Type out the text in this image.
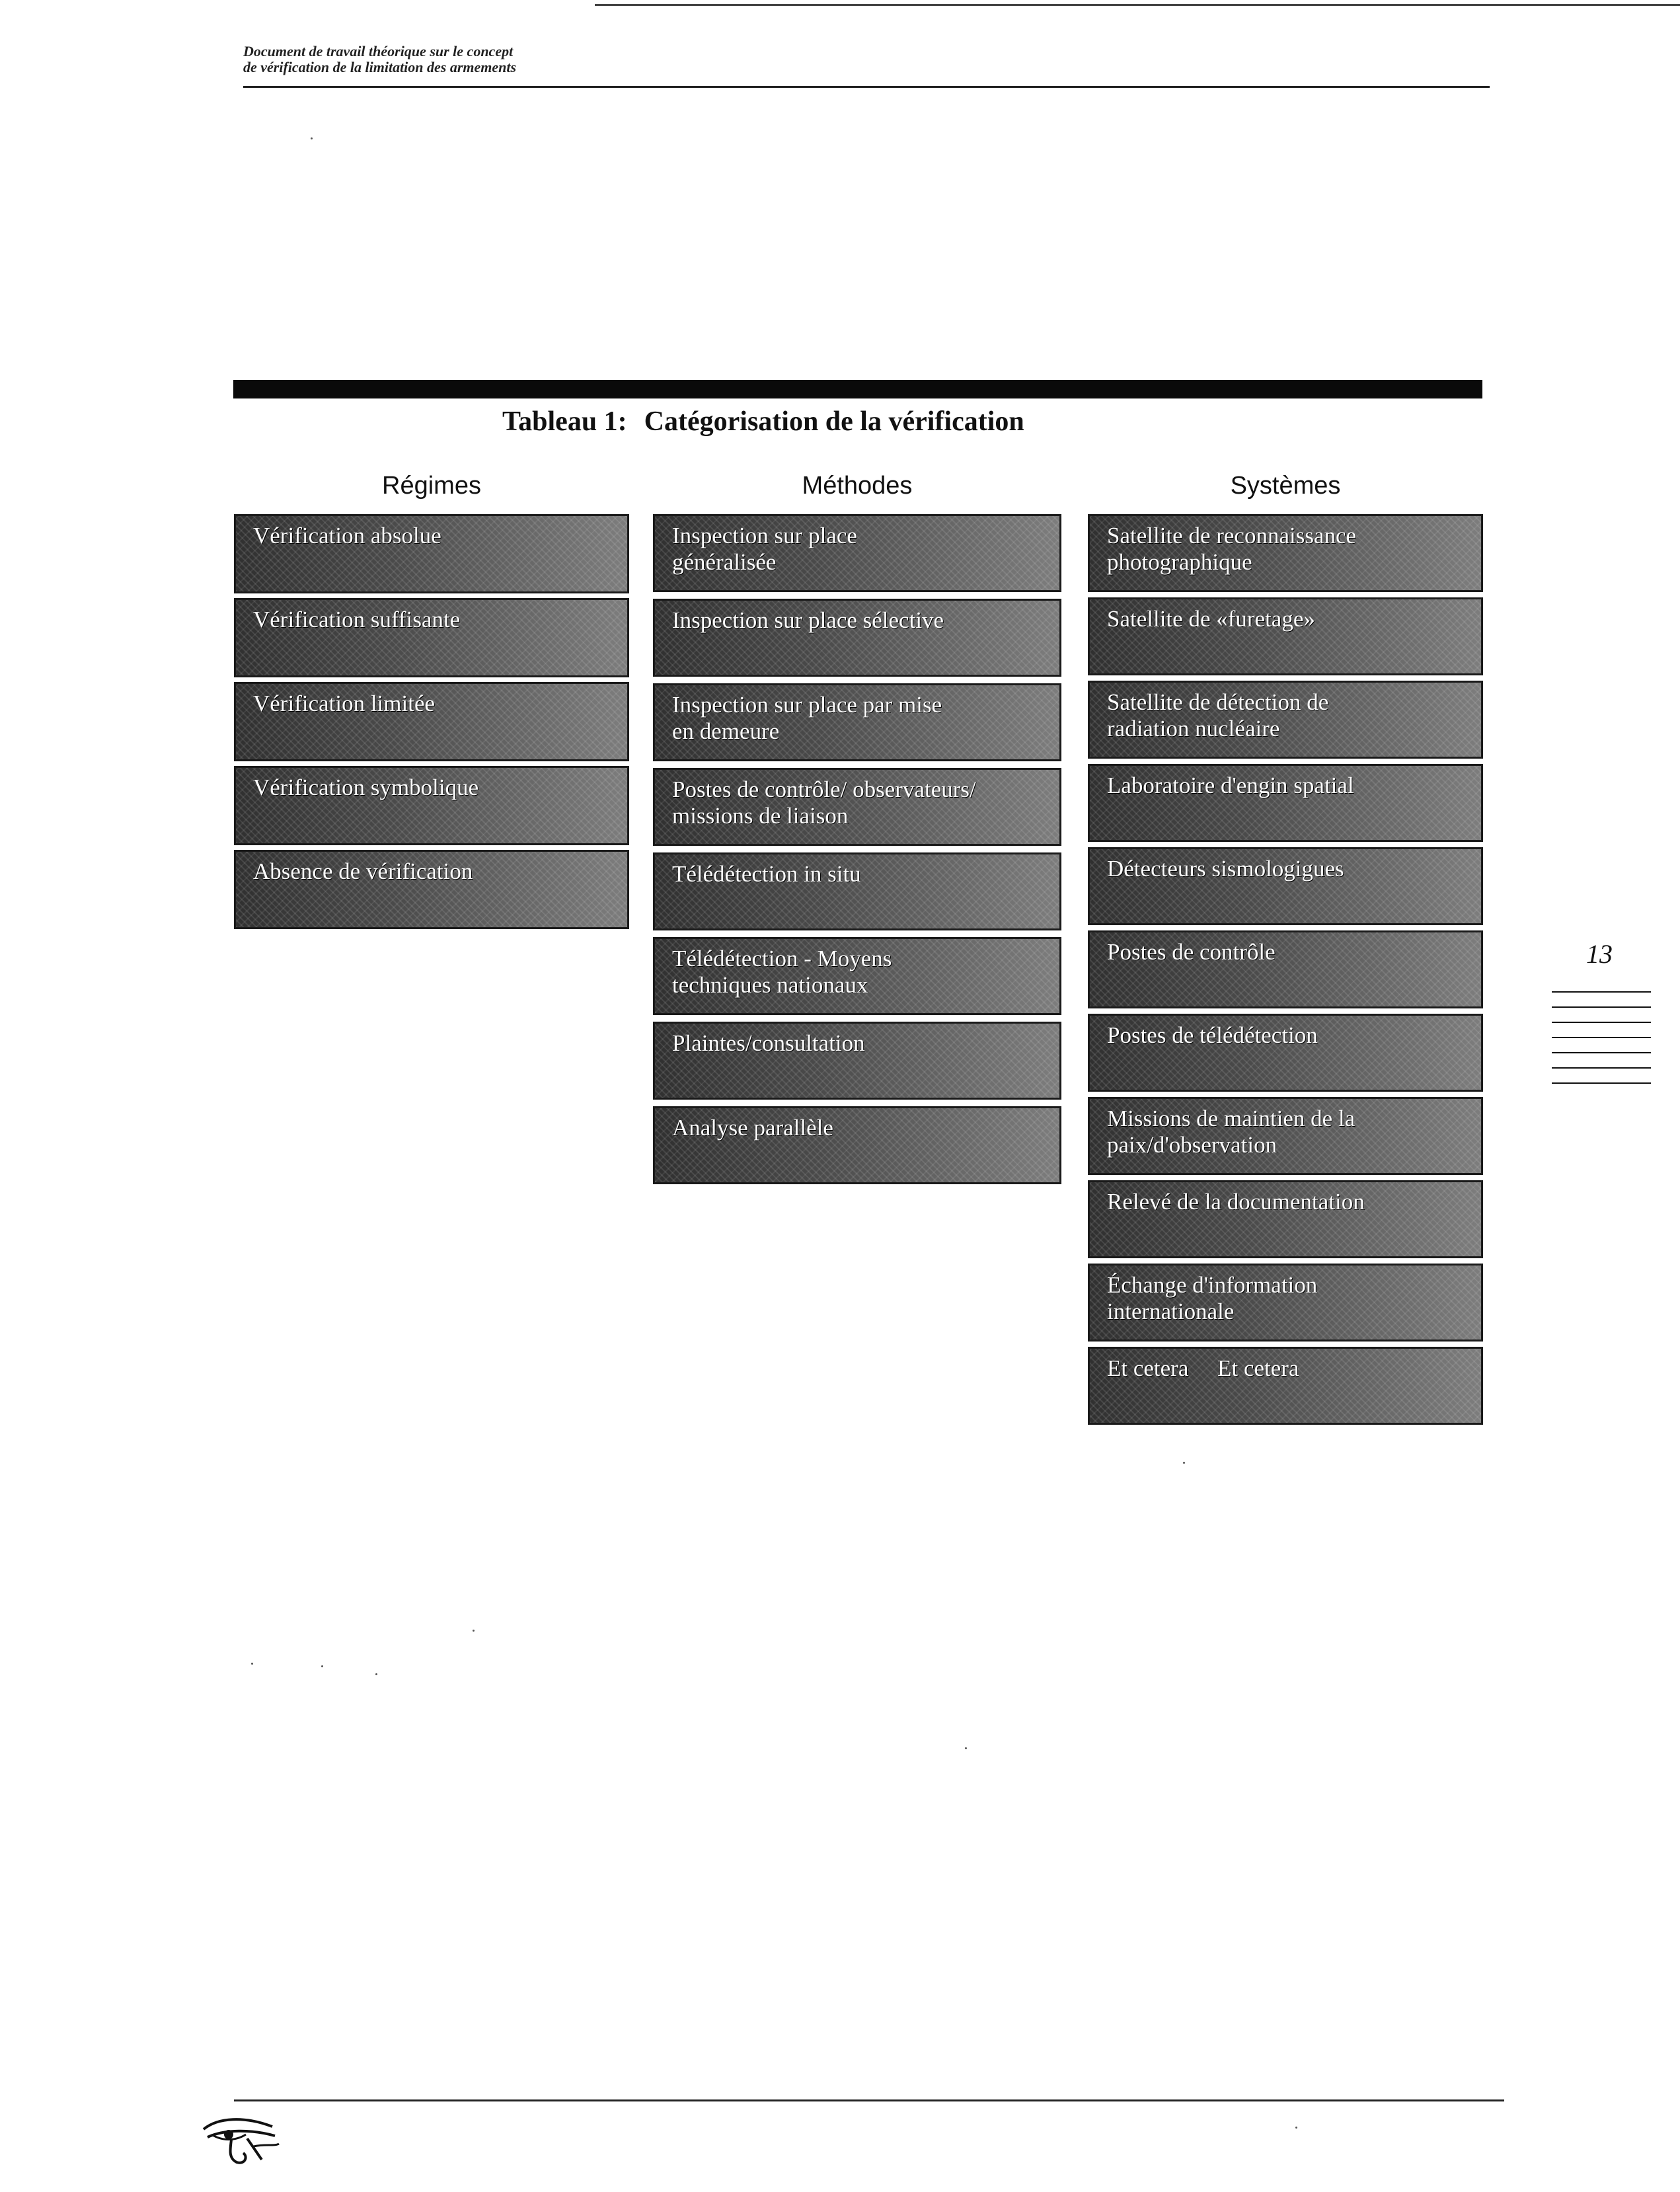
Document de travail théorique sur le concept
de vérification de la limitation des armements
Tableau 1: Catégorisation de la vérification
Régimes	Méthodes	Systèmes
Vérification absolue
Vérification suffisante
Vérification limitée
Vérification symbolique
Absence de vérification
Inspection sur place
généralisée
Inspection sur place sélective
Inspection sur place par mise
en demeure
Postes de contrôle/ observateurs/
missions de liaison
Télédétection in situ
Télédétection - Moyens
techniques nationaux
Plaintes/consultation
Analyse parallèle
Satellite de reconnaissance
photographique
Satellite de «furetage»
Satellite de détection de
radiation nucléaire
Laboratoire d'engin spatial
Détecteurs sismologigues
Postes de contrôle
Postes de télédétection
Missions de maintien de la
paix/d'observation
Relevé de la documentation
Échange d'information
internationale
Et cetera     Et cetera
13
